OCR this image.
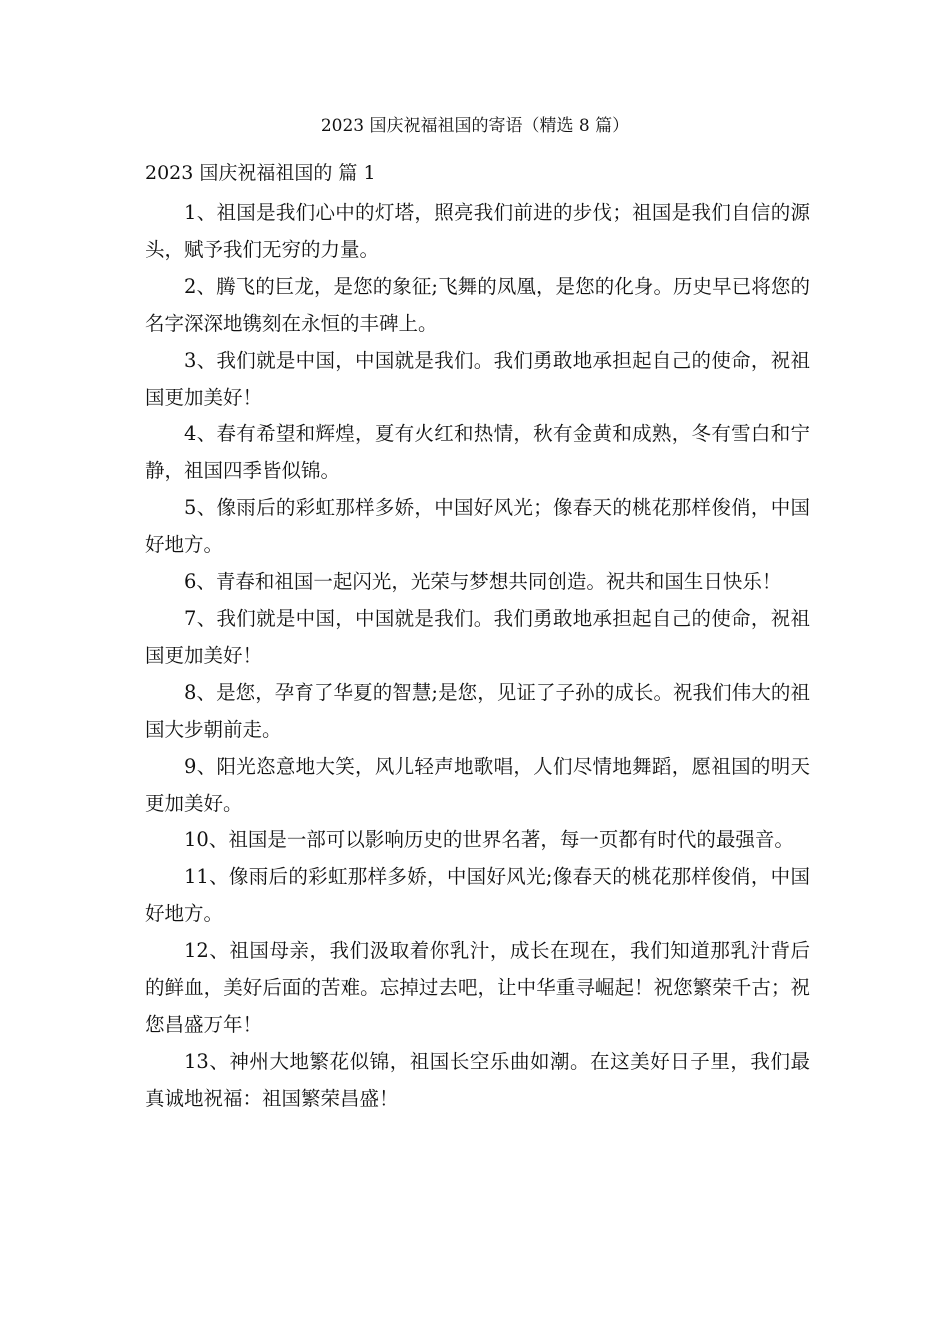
2023 国庆祝福祖国的寄语（精选 8 篇）
2023 国庆祝福祖国的 篇 1

1、祖国是我们心中的灯塔，照亮我们前进的步伐；祖国是我们自信的源头，赋予我们无穷的力量。

2、腾飞的巨龙，是您的象征;飞舞的凤凰，是您的化身。历史早已将您的名字深深地镌刻在永恒的丰碑上。

3、我们就是中国，中国就是我们。我们勇敢地承担起自己的使命，祝祖国更加美好！

4、春有希望和辉煌，夏有火红和热情，秋有金黄和成熟，冬有雪白和宁静，祖国四季皆似锦。

5、像雨后的彩虹那样多娇，中国好风光；像春天的桃花那样俊俏，中国好地方。

6、青春和祖国一起闪光，光荣与梦想共同创造。祝共和国生日快乐！

7、我们就是中国，中国就是我们。我们勇敢地承担起自己的使命，祝祖国更加美好！

8、是您，孕育了华夏的智慧;是您，见证了子孙的成长。祝我们伟大的祖国大步朝前走。

9、阳光恣意地大笑，风儿轻声地歌唱，人们尽情地舞蹈，愿祖国的明天更加美好。

10、祖国是一部可以影响历史的世界名著，每一页都有时代的最强音。

11、像雨后的彩虹那样多娇，中国好风光;像春天的桃花那样俊俏，中国好地方。

12、祖国母亲，我们汲取着你乳汁，成长在现在，我们知道那乳汁背后的鲜血，美好后面的苦难。忘掉过去吧，让中华重寻崛起！祝您繁荣千古；祝您昌盛万年！

13、神州大地繁花似锦，祖国长空乐曲如潮。在这美好日子里，我们最真诚地祝福：祖国繁荣昌盛！
